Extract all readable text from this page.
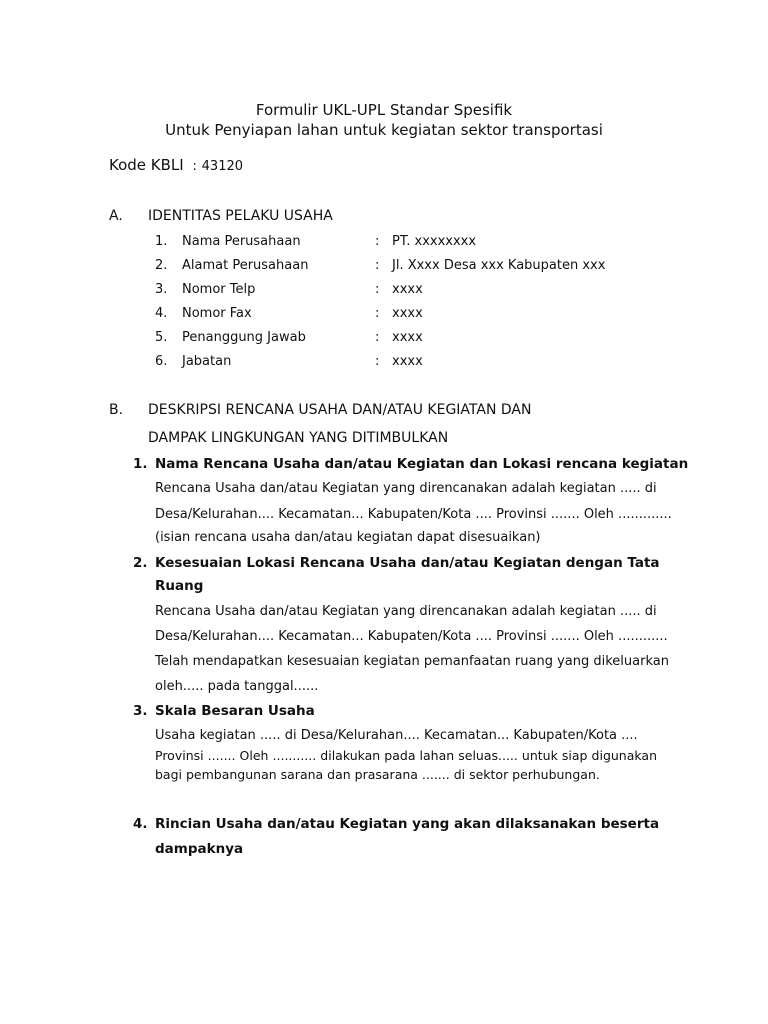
Formulir UKL-UPL Standar Spesifik
Untuk Penyiapan lahan untuk kegiatan sektor transportasi
Kode KBLI : 43120
A. IDENTITAS PELAKU USAHA
1. Nama Perusahaan	: PT. xxxxxxxx
2. Alamat Perusahaan	: Jl. Xxxx Desa xxx Kabupaten xxx
3. Nomor Telp	: xxxx
4. Nomor Fax	: xxxx
5. Penanggung Jawab	: xxxx
6. Jabatan	: xxxx
B. DESKRIPSI RENCANA USAHA DAN/ATAU KEGIATAN DAN
DAMPAK LINGKUNGAN YANG DITIMBULKAN
1. Nama Rencana Usaha dan/atau Kegiatan dan Lokasi rencana kegiatan
Rencana Usaha dan/atau Kegiatan yang direncanakan adalah kegiatan ..... di
Desa/Kelurahan.... Kecamatan... Kabupaten/Kota .... Provinsi ....... Oleh .............
(isian rencana usaha dan/atau kegiatan dapat disesuaikan)
2. Kesesuaian Lokasi Rencana Usaha dan/atau Kegiatan dengan Tata
Ruang
Rencana Usaha dan/atau Kegiatan yang direncanakan adalah kegiatan ..... di
Desa/Kelurahan.... Kecamatan... Kabupaten/Kota .... Provinsi ....... Oleh ............
Telah mendapatkan kesesuaian kegiatan pemanfaatan ruang yang dikeluarkan
oleh..... pada tanggal......
3. Skala Besaran Usaha
Usaha kegiatan ..... di Desa/Kelurahan.... Kecamatan... Kabupaten/Kota ....
Provinsi ....... Oleh ........... dilakukan pada lahan seluas..... untuk siap digunakan bagi pembangunan sarana dan prasarana ....... di sektor perhubungan.
4. Rincian Usaha dan/atau Kegiatan yang akan dilaksanakan beserta
dampaknya
